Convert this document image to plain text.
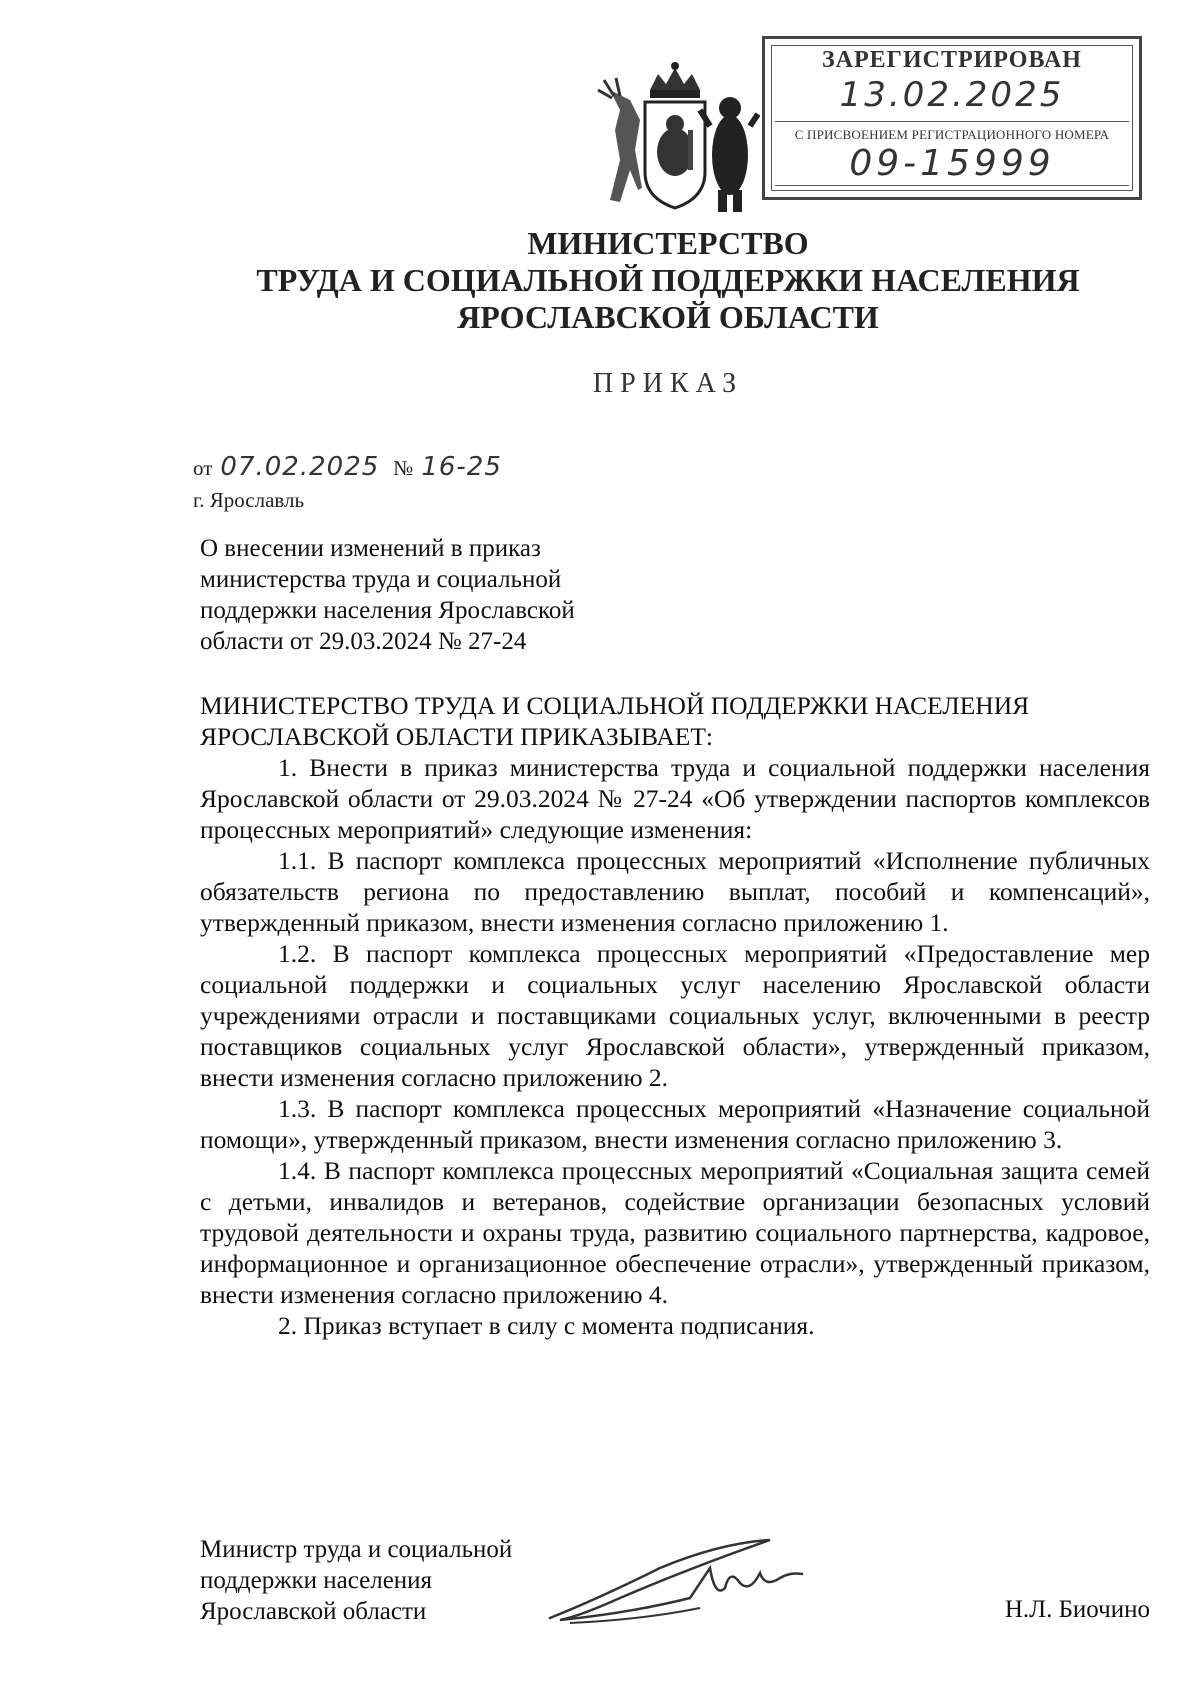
ЗАРЕГИСТРИРОВАН
13.02.2025
С ПРИСВОЕНИЕМ РЕГИСТРАЦИОННОГО НОМЕРА
09-15999
МИНИСТЕРСТВО
ТРУДА И СОЦИАЛЬНОЙ ПОДДЕРЖКИ НАСЕЛЕНИЯ
ЯРОСЛАВСКОЙ ОБЛАСТИ
ПРИКАЗ
от 07.02.2025 № 16-25
г. Ярославль
О внесении изменений в приказ министерства труда и социальной поддержки населения Ярославской области от 29.03.2024 № 27-24

МИНИСТЕРСТВО ТРУДА И СОЦИАЛЬНОЙ ПОДДЕРЖКИ НАСЕЛЕНИЯ ЯРОСЛАВСКОЙ ОБЛАСТИ ПРИКАЗЫВАЕТ:

1. Внести в приказ министерства труда и социальной поддержки населения Ярославской области от 29.03.2024 № 27-24 «Об утверждении паспортов комплексов процессных мероприятий» следующие изменения:

1.1. В паспорт комплекса процессных мероприятий «Исполнение публичных обязательств региона по предоставлению выплат, пособий и компенсаций», утвержденный приказом, внести изменения согласно приложению 1.

1.2. В паспорт комплекса процессных мероприятий «Предоставление мер социальной поддержки и социальных услуг населению Ярославской области учреждениями отрасли и поставщиками социальных услуг, включенными в реестр поставщиков социальных услуг Ярославской области», утвержденный приказом, внести изменения согласно приложению 2.

1.3. В паспорт комплекса процессных мероприятий «Назначение социальной помощи», утвержденный приказом, внести изменения согласно приложению 3.

1.4. В паспорт комплекса процессных мероприятий «Социальная защита семей с детьми, инвалидов и ветеранов, содействие организации безопасных условий трудовой деятельности и охраны труда, развитию социального партнерства, кадровое, информационное и организационное обеспечение отрасли», утвержденный приказом, внести изменения согласно приложению 4.

2. Приказ вступает в силу с момента подписания.

Министр труда и социальной
поддержки населения
Ярославской области	Н.Л. Биочино
